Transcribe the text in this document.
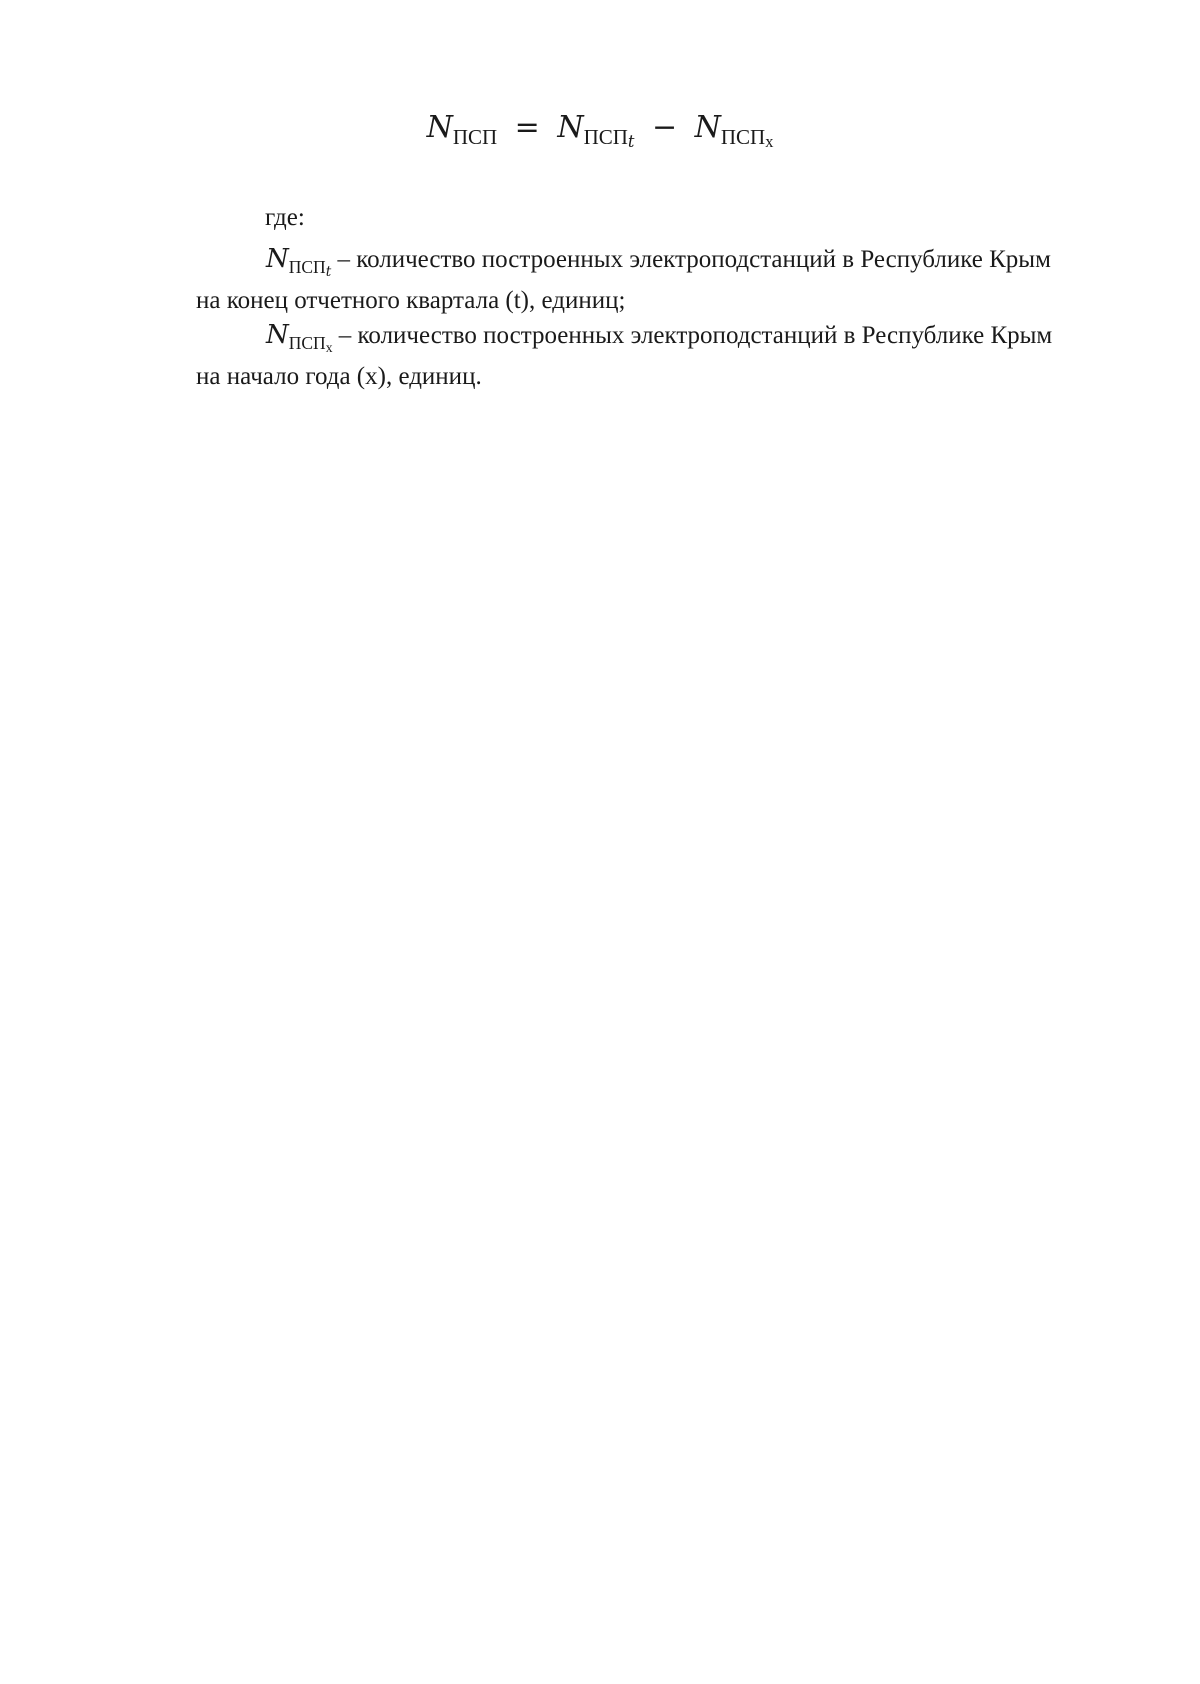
$N_{ПСП} = N_{ПСПt} - N_{ПСПх}$
где:
$N_{ПСПt}$ – количество построенных электроподстанций в Республике Крым
на конец отчетного квартала (t), единиц;
$N_{ПСПх}$ – количество построенных электроподстанций в Республике Крым
на начало года (х), единиц.
